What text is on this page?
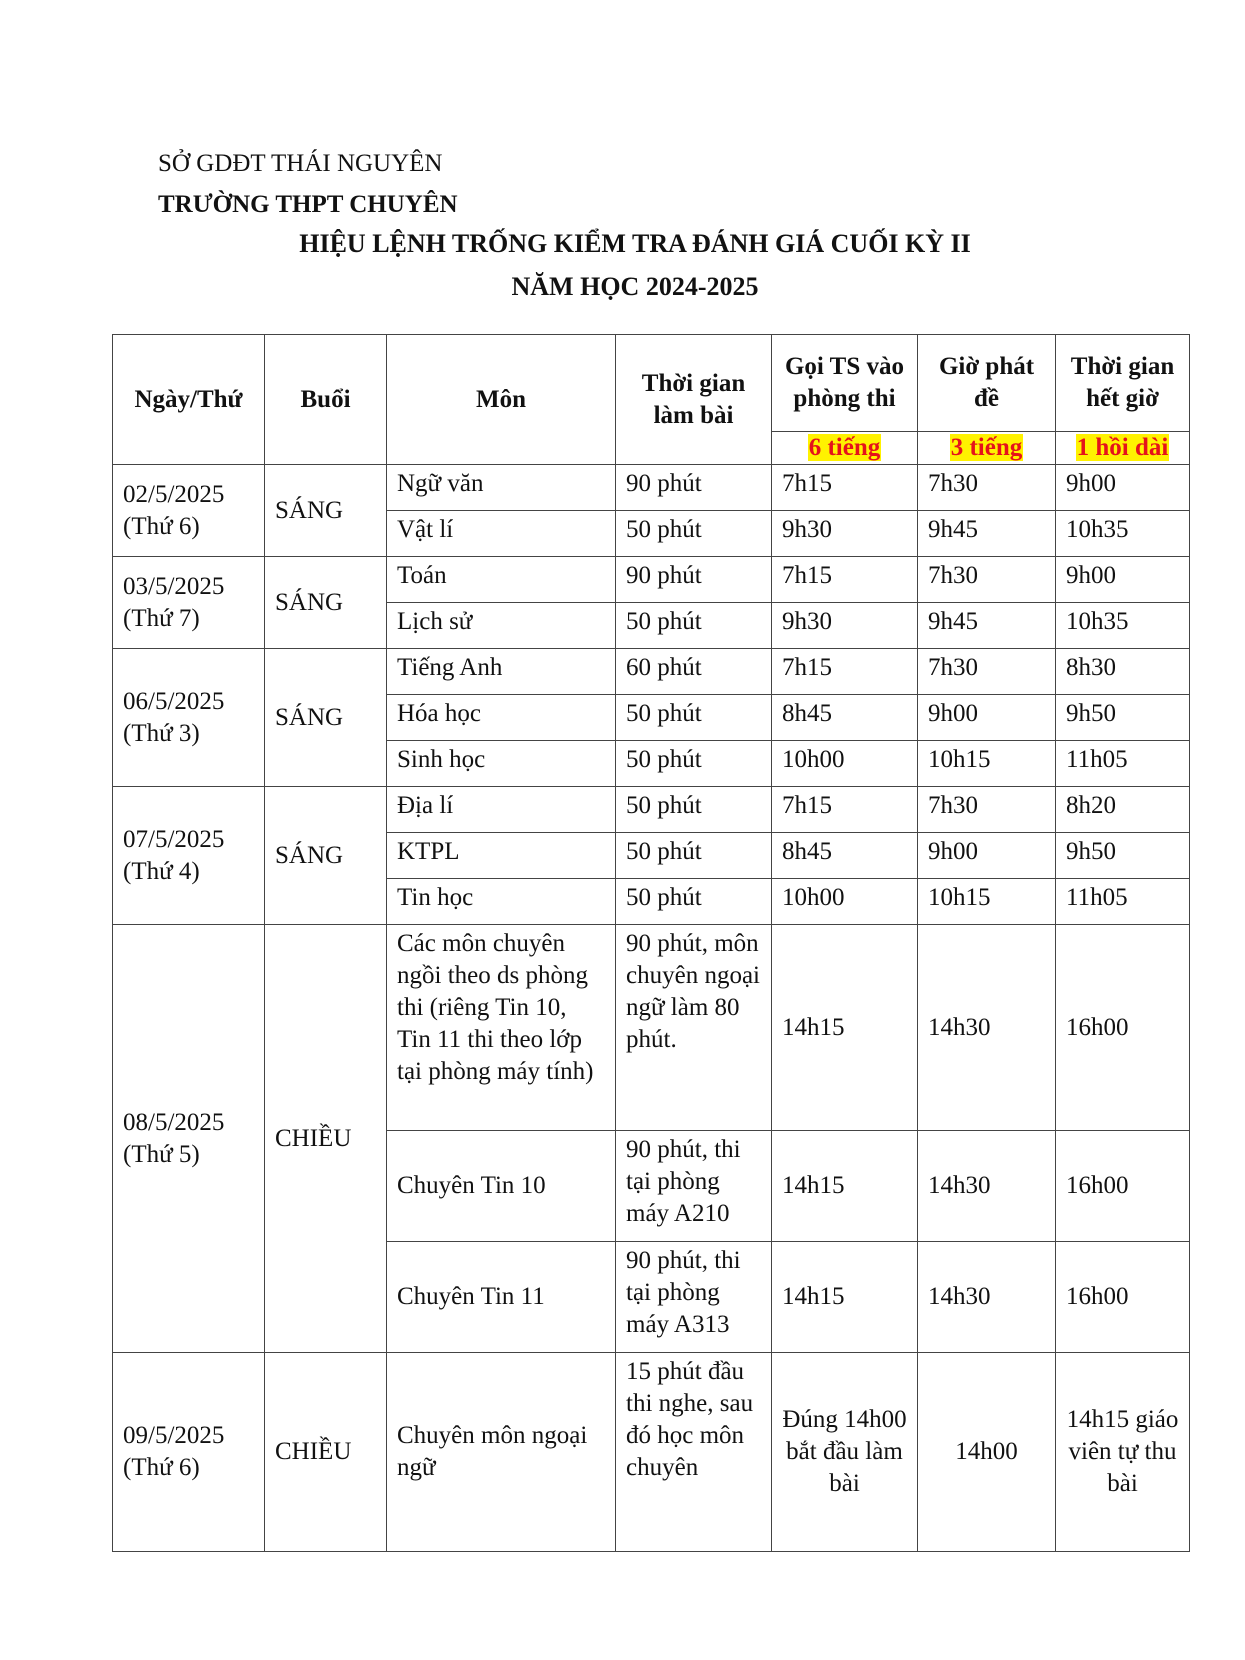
SỞ GDĐT THÁI NGUYÊN
TRƯỜNG THPT CHUYÊN
HIỆU LỆNH TRỐNG KIỂM TRA ĐÁNH GIÁ CUỐI KỲ II
NĂM HỌC 2024-2025
Ngày/Thứ	Buổi	Môn	Thời gian làm bài	Gọi TS vào phòng thi	Giờ phát đề	Thời gian hết giờ
				6 tiếng	3 tiếng	1 hồi dài

02/5/2025
(Thứ 6)	SÁNG	Ngữ văn	90 phút	7h15	7h30	9h00
		Vật lí	50 phút	9h30	9h45	10h35

03/5/2025
(Thứ 7)	SÁNG	Toán	90 phút	7h15	7h30	9h00
		Lịch sử	50 phút	9h30	9h45	10h35

06/5/2025
(Thứ 3)	SÁNG	Tiếng Anh	60 phút	7h15	7h30	8h30
		Hóa học	50 phút	8h45	9h00	9h50
		Sinh học	50 phút	10h00	10h15	11h05

07/5/2025
(Thứ 4)	SÁNG	Địa lí	50 phút	7h15	7h30	8h20
		KTPL	50 phút	8h45	9h00	9h50
		Tin học	50 phút	10h00	10h15	11h05

08/5/2025
(Thứ 5)	CHIỀU	Các môn chuyên ngồi theo ds phòng thi (riêng Tin 10, Tin 11 thi theo lớp tại phòng máy tính)	90 phút, môn chuyên ngoại ngữ làm 80 phút.	14h15	14h30	16h00
		Chuyên Tin 10	90 phút, thi tại phòng máy A210	14h15	14h30	16h00
		Chuyên Tin 11	90 phút, thi tại phòng máy A313	14h15	14h30	16h00

09/5/2025
(Thứ 6)	CHIỀU	Chuyên môn ngoại ngữ	15 phút đầu thi nghe, sau đó học môn chuyên	Đúng 14h00 bắt đầu làm bài	14h00	14h15 giáo viên tự thu bài
